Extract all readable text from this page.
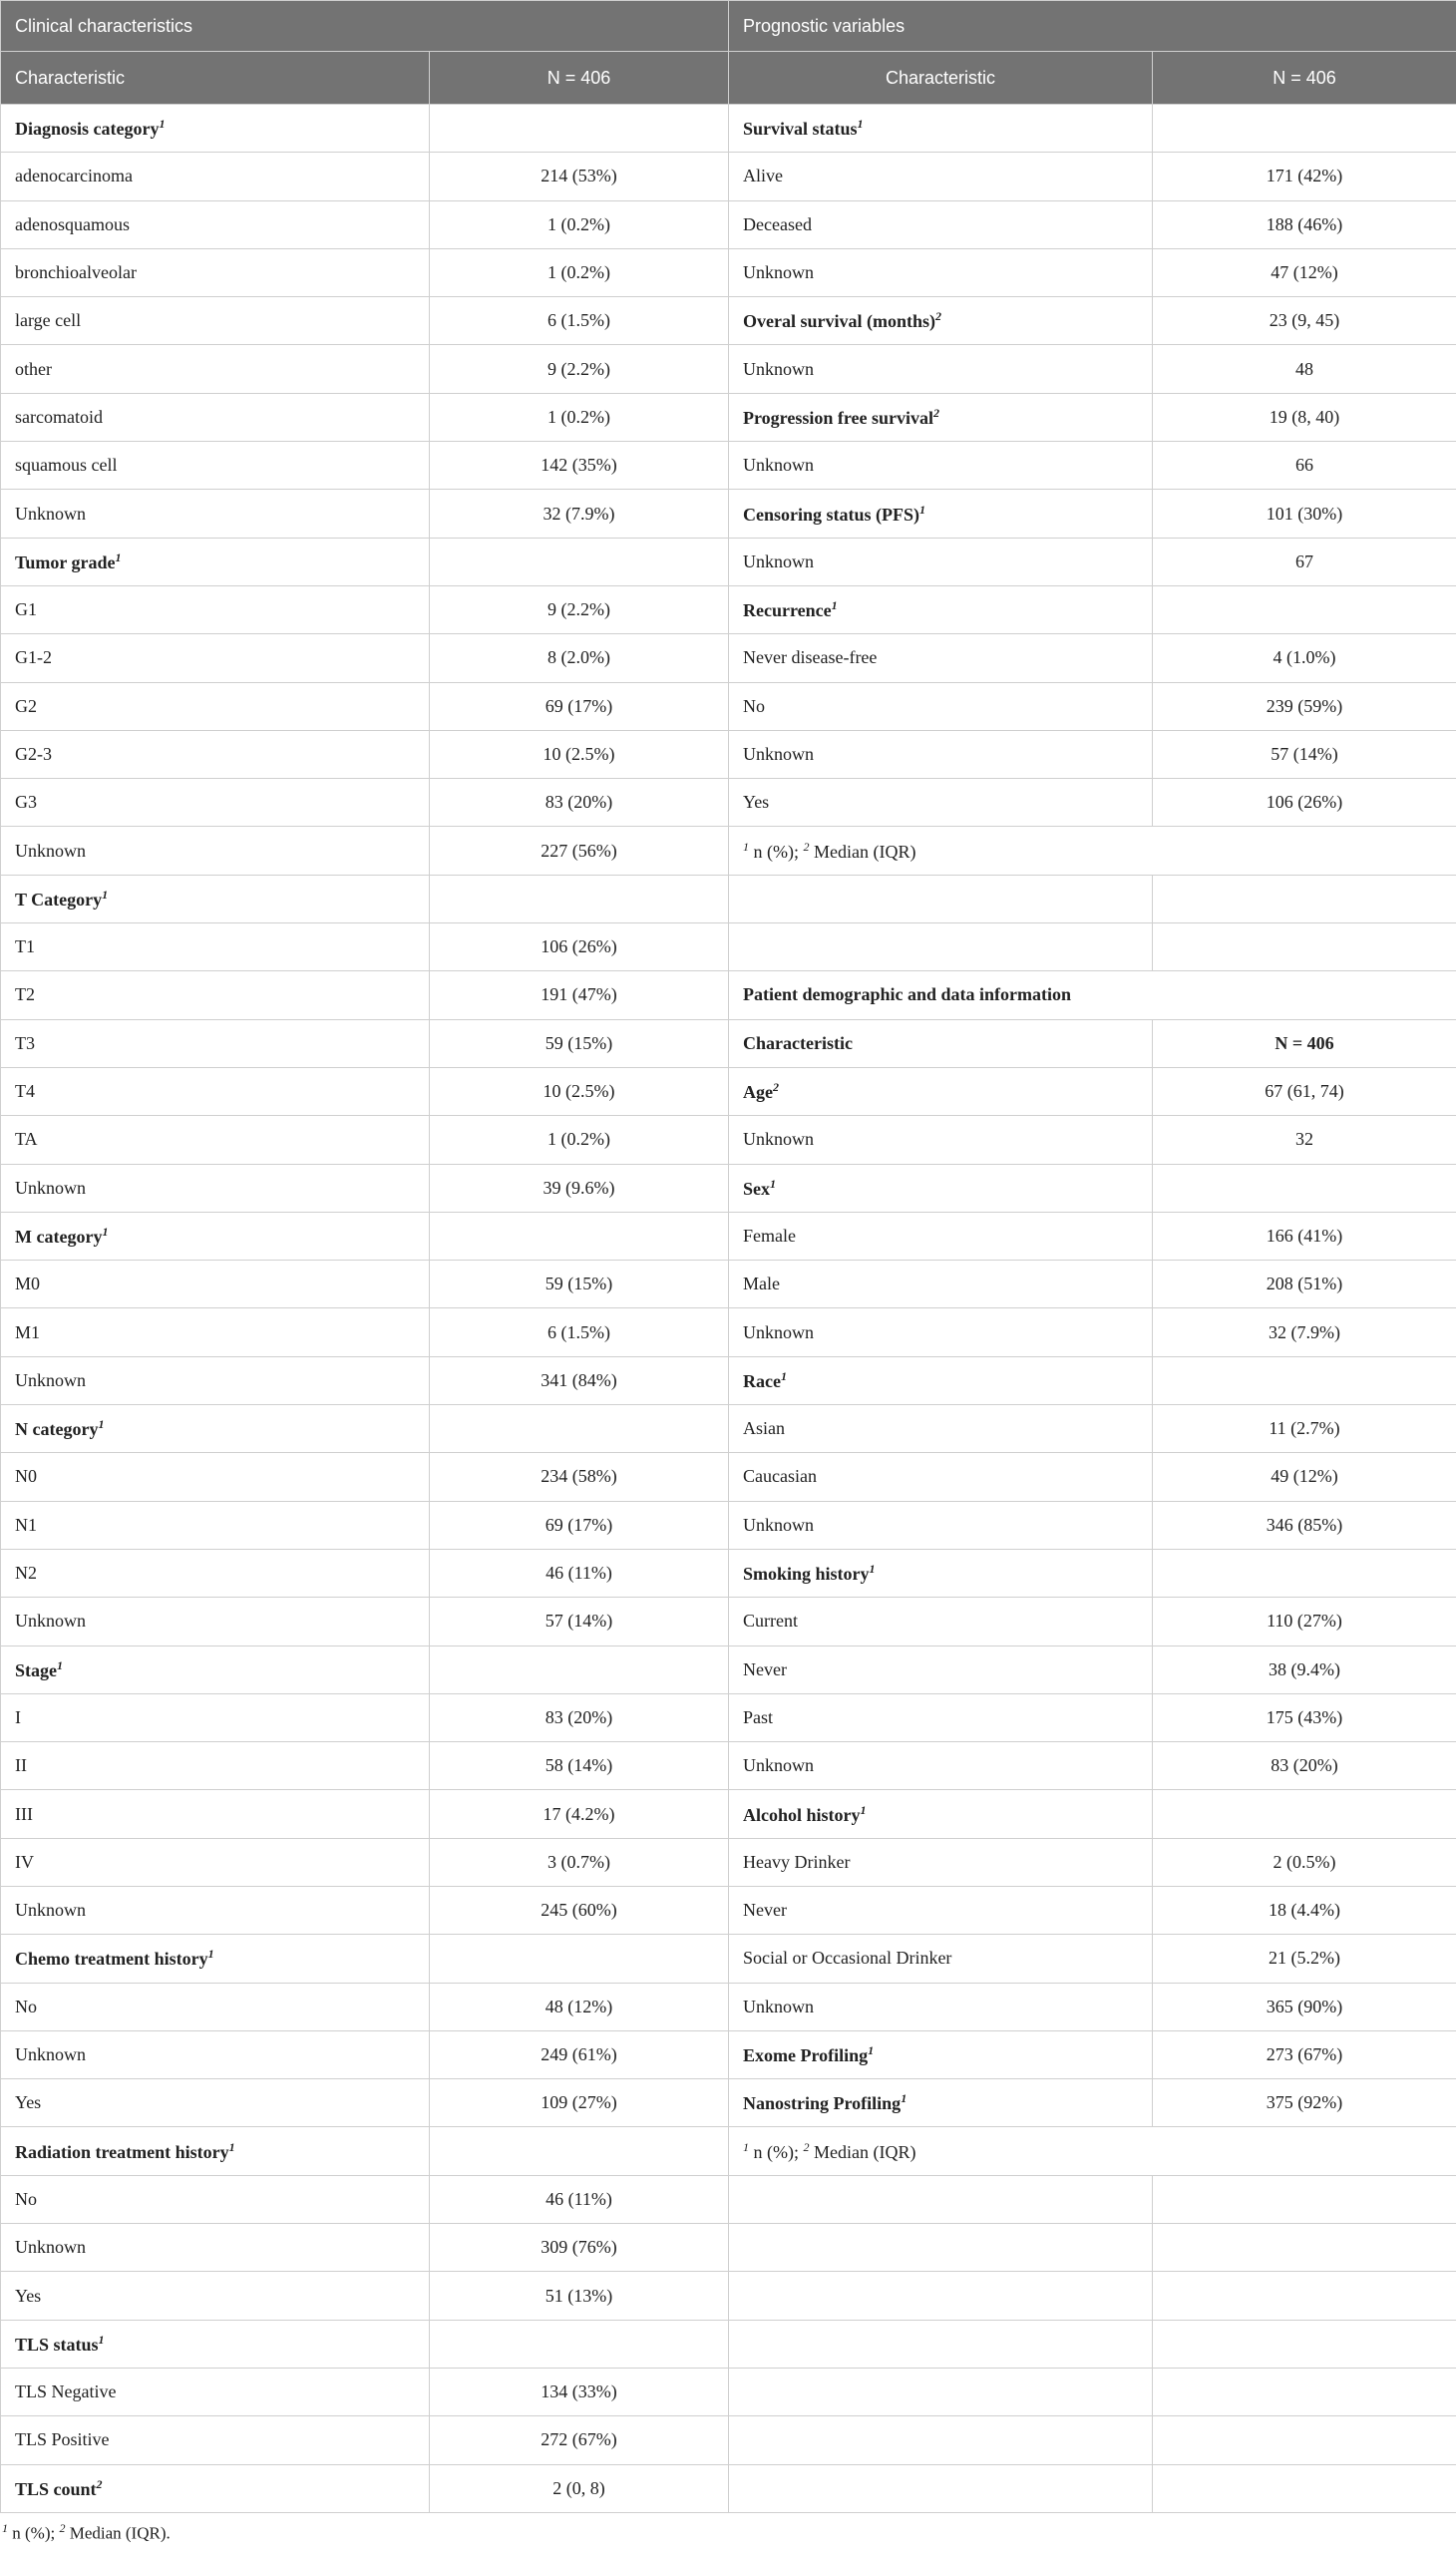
Clinical characteristics		Prognostic variables	
Characteristic	N = 406	Characteristic	N = 406
Diagnosis category$^1$		Survival status$^1$	
adenocarcinoma	214 (53%)	Alive	171 (42%)
adenosquamous	1 (0.2%)	Deceased	188 (46%)
bronchioalveolar	1 (0.2%)	Unknown	47 (12%)
large cell	6 (1.5%)	Overal survival (months)$^2$	23 (9, 45)
other	9 (2.2%)	Unknown	48
sarcomatoid	1 (0.2%)	Progression free survival$^2$	19 (8, 40)
squamous cell	142 (35%)	Unknown	66
Unknown	32 (7.9%)	Censoring status (PFS)$^1$	101 (30%)
Tumor grade$^1$		Unknown	67
G1	9 (2.2%)	Recurrence$^1$	
G1-2	8 (2.0%)	Never disease-free	4 (1.0%)
G2	69 (17%)	No	239 (59%)
G2-3	10 (2.5%)	Unknown	57 (14%)
G3	83 (20%)	Yes	106 (26%)
Unknown	227 (56%)	$^1$ n (%); $^2$ Median (IQR)	
T Category$^1$			
T1	106 (26%)		
T2	191 (47%)	Patient demographic and data information	
T3	59 (15%)	Characteristic	N = 406
T4	10 (2.5%)	Age$^2$	67 (61, 74)
TA	1 (0.2%)	Unknown	32
Unknown	39 (9.6%)	Sex$^1$	
M category$^1$		Female	166 (41%)
M0	59 (15%)	Male	208 (51%)
M1	6 (1.5%)	Unknown	32 (7.9%)
Unknown	341 (84%)	Race$^1$	
N category$^1$		Asian	11 (2.7%)
N0	234 (58%)	Caucasian	49 (12%)
N1	69 (17%)	Unknown	346 (85%)
N2	46 (11%)	Smoking history$^1$	
Unknown	57 (14%)	Current	110 (27%)
Stage$^1$		Never	38 (9.4%)
I	83 (20%)	Past	175 (43%)
II	58 (14%)	Unknown	83 (20%)
III	17 (4.2%)	Alcohol history$^1$	
IV	3 (0.7%)	Heavy Drinker	2 (0.5%)
Unknown	245 (60%)	Never	18 (4.4%)
Chemo treatment history$^1$		Social or Occasional Drinker	21 (5.2%)
No	48 (12%)	Unknown	365 (90%)
Unknown	249 (61%)	Exome Profiling$^1$	273 (67%)
Yes	109 (27%)	Nanostring Profiling$^1$	375 (92%)
Radiation treatment history$^1$		$^1$ n (%); $^2$ Median (IQR)	
No	46 (11%)		
Unknown	309 (76%)		
Yes	51 (13%)		
TLS status$^1$			
TLS Negative	134 (33%)		
TLS Positive	272 (67%)		
TLS count$^2$	2 (0, 8)		
$^1$ n (%); $^2$ Median (IQR).
